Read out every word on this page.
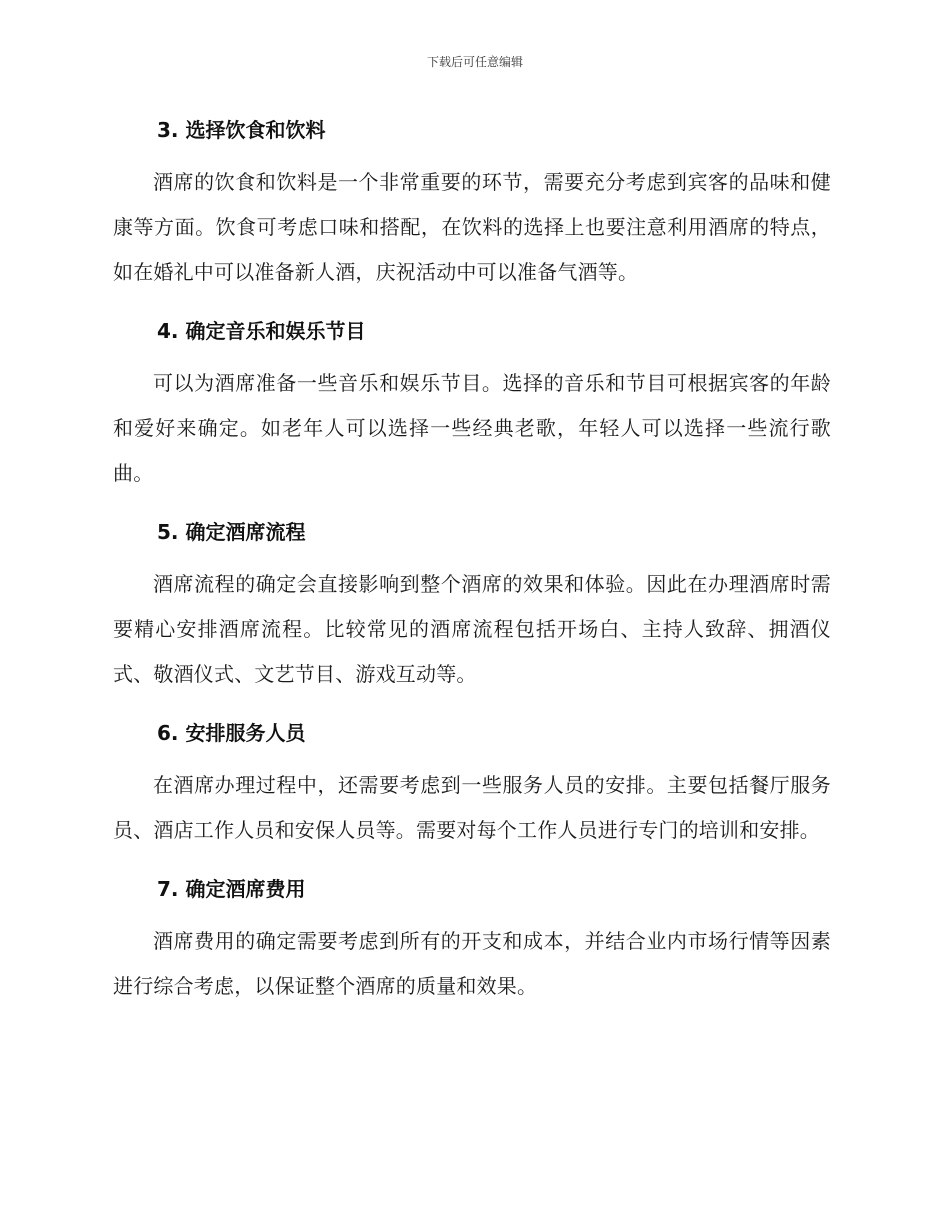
下载后可任意编辑
3. 选择饮食和饮料

酒席的饮食和饮料是一个非常重要的环节，需要充分考虑到宾客的品味和健康等方面。饮食可考虑口味和搭配，在饮料的选择上也要注意利用酒席的特点，如在婚礼中可以准备新人酒，庆祝活动中可以准备气酒等。

4. 确定音乐和娱乐节目

可以为酒席准备一些音乐和娱乐节目。选择的音乐和节目可根据宾客的年龄和爱好来确定。如老年人可以选择一些经典老歌，年轻人可以选择一些流行歌曲。

5. 确定酒席流程

酒席流程的确定会直接影响到整个酒席的效果和体验。因此在办理酒席时需要精心安排酒席流程。比较常见的酒席流程包括开场白、主持人致辞、拥酒仪式、敬酒仪式、文艺节目、游戏互动等。

6. 安排服务人员

在酒席办理过程中，还需要考虑到一些服务人员的安排。主要包括餐厅服务员、酒店工作人员和安保人员等。需要对每个工作人员进行专门的培训和安排。

7. 确定酒席费用

酒席费用的确定需要考虑到所有的开支和成本，并结合业内市场行情等因素进行综合考虑，以保证整个酒席的质量和效果。
